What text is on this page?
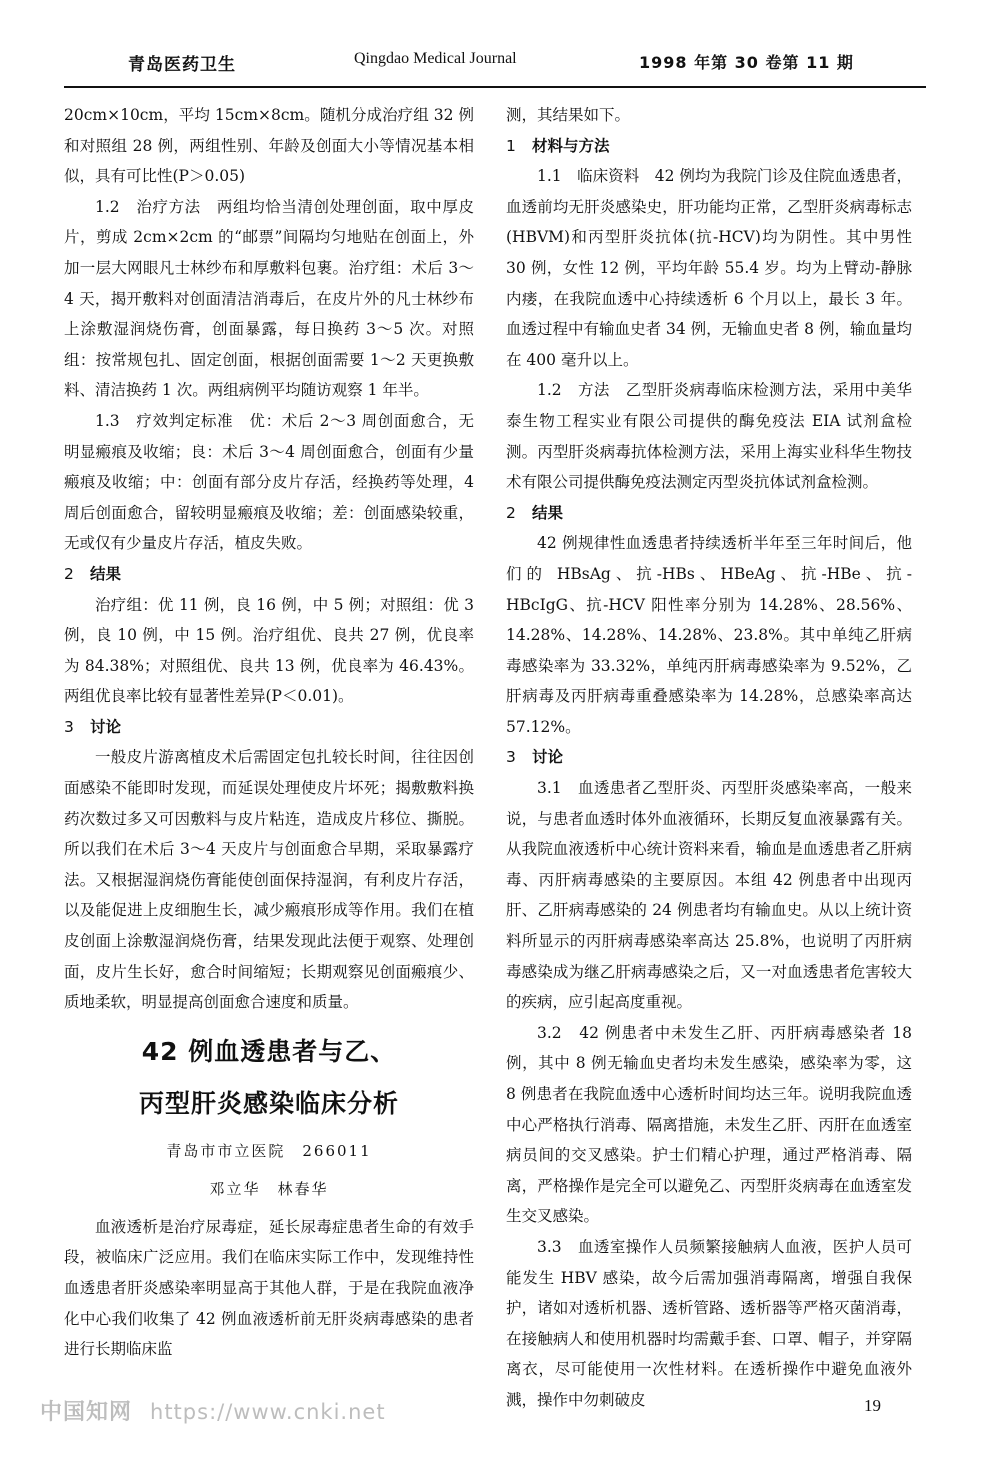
青岛医药卫生	Qingdao Medical Journal	1998 年第 30 卷第 11 期

20cm×10cm，平均 15cm×8cm。随机分成治疗组 32 例和对照组 28 例，两组性别、年龄及创面大小等情况基本相似，具有可比性(P＞0.05)

1.2　治疗方法　两组均恰当清创处理创面，取中厚皮片，剪成 2cm×2cm 的“邮票”间隔均匀地贴在创面上，外加一层大网眼凡士林纱布和厚敷料包裹。治疗组：术后 3～4 天，揭开敷料对创面清洁消毒后，在皮片外的凡士林纱布上涂敷湿润烧伤膏，创面暴露，每日换药 3～5 次。对照组：按常规包扎、固定创面，根据创面需要 1～2 天更换敷料、清洁换药 1 次。两组病例平均随访观察 1 年半。

1.3　疗效判定标准　优：术后 2～3 周创面愈合，无明显瘢痕及收缩；良：术后 3～4 周创面愈合，创面有少量瘢痕及收缩；中：创面有部分皮片存活，经换药等处理，4 周后创面愈合，留较明显瘢痕及收缩；差：创面感染较重，无或仅有少量皮片存活，植皮失败。

2 结果

治疗组：优 11 例，良 16 例，中 5 例；对照组：优 3 例，良 10 例，中 15 例。治疗组优、良共 27 例，优良率为 84.38%；对照组优、良共 13 例，优良率为 46.43%。两组优良率比较有显著性差异(P＜0.01)。

3 讨论

一般皮片游离植皮术后需固定包扎较长时间，往往因创面感染不能即时发现，而延误处理使皮片坏死；揭敷敷料换药次数过多又可因敷料与皮片粘连，造成皮片移位、撕脱。所以我们在术后 3～4 天皮片与创面愈合早期，采取暴露疗法。又根据湿润烧伤膏能使创面保持湿润，有利皮片存活，以及能促进上皮细胞生长，减少瘢痕形成等作用。我们在植皮创面上涂敷湿润烧伤膏，结果发现此法便于观察、处理创面，皮片生长好，愈合时间缩短；长期观察见创面瘢痕少、质地柔软，明显提高创面愈合速度和质量。

42 例血透患者与乙、
丙型肝炎感染临床分析
青岛市市立医院　266011
邓立华　林春华

血液透析是治疗尿毒症，延长尿毒症患者生命的有效手段，被临床广泛应用。我们在临床实际工作中，发现维持性血透患者肝炎感染率明显高于其他人群，于是在我院血液净化中心我们收集了 42 例血液透析前无肝炎病毒感染的患者进行长期临床监

测，其结果如下。

1 材料与方法

1.1　临床资料　42 例均为我院门诊及住院血透患者，血透前均无肝炎感染史，肝功能均正常，乙型肝炎病毒标志(HBVM)和丙型肝炎抗体(抗-HCV)均为阴性。其中男性 30 例，女性 12 例，平均年龄 55.4 岁。均为上臂动-静脉内瘘，在我院血透中心持续透析 6 个月以上，最长 3 年。血透过程中有输血史者 34 例，无输血史者 8 例，输血量均在 400 毫升以上。

1.2　方法　乙型肝炎病毒临床检测方法，采用中美华泰生物工程实业有限公司提供的酶免疫法 EIA 试剂盒检测。丙型肝炎病毒抗体检测方法，采用上海实业科华生物技术有限公司提供酶免疫法测定丙型炎抗体试剂盒检测。

2 结果

42 例规律性血透患者持续透析半年至三年时间后，他们的 HBsAg、抗-HBs、HBeAg、抗-HBe、抗-HBcIgG、抗-HCV 阳性率分别为 14.28%、28.56%、14.28%、14.28%、14.28%、23.8%。其中单纯乙肝病毒感染率为 33.32%，单纯丙肝病毒感染率为 9.52%，乙肝病毒及丙肝病毒重叠感染率为 14.28%，总感染率高达 57.12%。

3 讨论

3.1　血透患者乙型肝炎、丙型肝炎感染率高，一般来说，与患者血透时体外血液循环，长期反复血液暴露有关。从我院血液透析中心统计资料来看，输血是血透患者乙肝病毒、丙肝病毒感染的主要原因。本组 42 例患者中出现丙肝、乙肝病毒感染的 24 例患者均有输血史。从以上统计资料所显示的丙肝病毒感染率高达 25.8%，也说明了丙肝病毒感染成为继乙肝病毒感染之后，又一对血透患者危害较大的疾病，应引起高度重视。

3.2　42 例患者中未发生乙肝、丙肝病毒感染者 18 例，其中 8 例无输血史者均未发生感染，感染率为零，这 8 例患者在我院血透中心透析时间均达三年。说明我院血透中心严格执行消毒、隔离措施，未发生乙肝、丙肝在血透室病员间的交叉感染。护士们精心护理，通过严格消毒、隔离，严格操作是完全可以避免乙、丙型肝炎病毒在血透室发生交叉感染。

3.3　血透室操作人员频繁接触病人血液，医护人员可能发生 HBV 感染，故今后需加强消毒隔离，增强自我保护，诸如对透析机器、透析管路、透析器等严格灭菌消毒，在接触病人和使用机器时均需戴手套、口罩、帽子，并穿隔离衣，尽可能使用一次性材料。在透析操作中避免血液外溅，操作中勿刺破皮

中国知网 https://www.cnki.net	19
